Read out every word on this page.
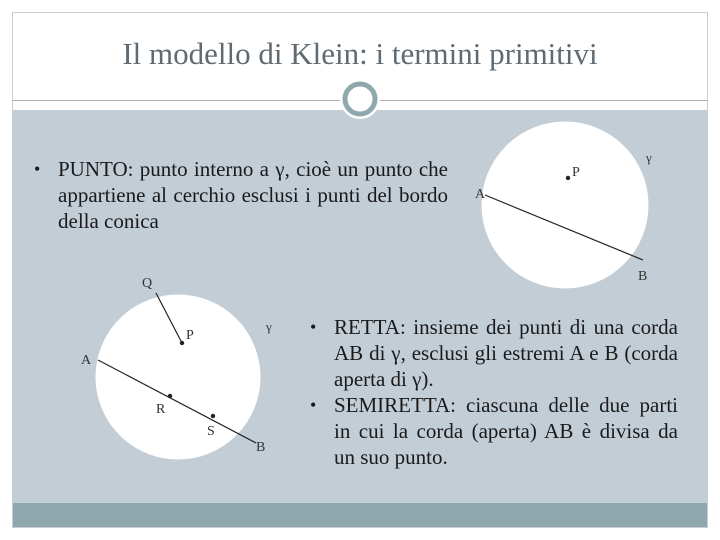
Il modello di Klein: i termini primitivi
• PUNTO: punto interno a γ, cioè un punto che appartiene al cerchio esclusi i punti del bordo della conica
• RETTA: insieme dei punti di una corda AB di γ, esclusi gli estremi A e B (corda aperta di γ).
• SEMIRETTA: ciascuna delle due parti in cui la corda (aperta) AB è divisa da un suo punto.
γ
P
A
B
Q
γ
P
A
R
S
B
